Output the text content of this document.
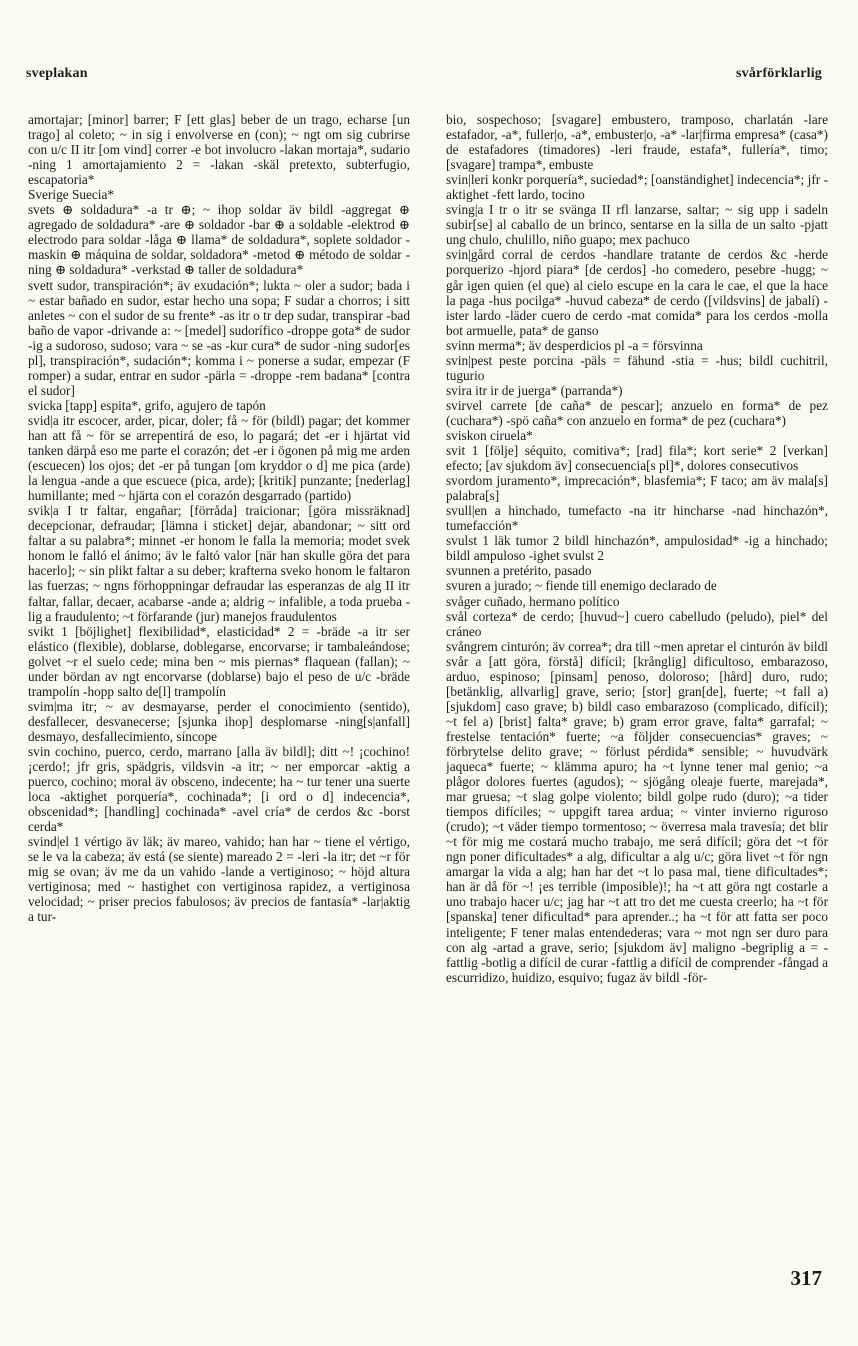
sveplakan	svårförklarlig

amortajar; [minor] barrer; F [ett glas] beber de un trago, echarse [un trago] al coleto; ~ in sig i envolverse en (con); ~ ngt om sig cubrirse con u/c II itr [om vind] correr -e bot involucro -lakan mortaja*, sudario -ning 1 amortajamiento 2 = -lakan -skäl pretexto, subterfugio, escapatoria*

Sverige Suecia*

svets ⊕ soldadura* -a tr ⊕; ~ ihop soldar äv bildl -aggregat ⊕ agregado de soldadura* -are ⊕ soldador -bar ⊕ a soldable -elektrod ⊕ electrodo para soldar -låga ⊕ llama* de soldadura*, soplete soldador -maskin ⊕ máquina de soldar, soldadora* -metod ⊕ método de soldar -ning ⊕ soldadura* -verkstad ⊕ taller de soldadura*

svett sudor, transpiración*; äv exudación*; lukta ~ oler a sudor; bada i ~ estar bañado en sudor, estar hecho una sopa; F sudar a chorros; i sitt anletes ~ con el sudor de su frente* -as itr o tr dep sudar, transpirar -bad baño de vapor -drivande a: ~ [medel] sudorífico -droppe gota* de sudor -ig a sudoroso, sudoso; vara ~ se -as -kur cura* de sudor -ning sudor[es pl], transpiración*, sudación*; komma i ~ ponerse a sudar, empezar (F romper) a sudar, entrar en sudor -pärla = -droppe -rem badana* [contra el sudor]

svicka [tapp] espita*, grifo, agujero de tapón

svid|a itr escocer, arder, picar, doler; få ~ för (bildl) pagar; det kommer han att få ~ för se arrepentirá de eso, lo pagará; det -er i hjärtat vid tanken därpå eso me parte el corazón; det -er i ögonen på mig me arden (escuecen) los ojos; det -er på tungan [om kryddor o d] me pica (arde) la lengua -ande a que escuece (pica, arde); [kritik] punzante; [nederlag] humillante; med ~ hjärta con el corazón desgarrado (partido)

svik|a I tr faltar, engañar; [förråda] traicionar; [göra missräknad] decepcionar, defraudar; [lämna i sticket] dejar, abandonar; ~ sitt ord faltar a su palabra*; minnet -er honom le falla la memoria; modet svek honom le falló el ánimo; äv le faltó valor [när han skulle göra det para hacerlo]; ~ sin plikt faltar a su deber; krafterna sveko honom le faltaron las fuerzas; ~ ngns förhoppningar defraudar las esperanzas de alg II itr faltar, fallar, decaer, acabarse -ande a; aldrig ~ infalible, a toda prueba -lig a fraudulento; ~t förfarande (jur) manejos fraudulentos

svikt 1 [böjlighet] flexibilidad*, elasticidad* 2 = -bräde -a itr ser elástico (flexible), doblarse, doblegarse, encorvarse; ir tambaleándose; golvet ~r el suelo cede; mina ben ~ mis piernas* flaquean (fallan); ~ under bördan av ngt encorvarse (doblarse) bajo el peso de u/c -bräde trampolín -hopp salto de[l] trampolín

svim|ma itr; ~ av desmayarse, perder el conocimiento (sentido), desfallecer, desvanecerse; [sjunka ihop] desplomarse -ning[s|anfall] desmayo, desfallecimiento, síncope

svin cochino, puerco, cerdo, marrano [alla äv bildl]; ditt ~! ¡cochino! ¡cerdo!; jfr gris, spädgris, vildsvin -a itr; ~ ner emporcar -aktig a puerco, cochino; moral äv obsceno, indecente; ha ~ tur tener una suerte loca -aktighet porquería*, cochinada*; [i ord o d] indecencia*, obscenidad*; [handling] cochinada* -avel cría* de cerdos &c -borst cerda*

svind|el 1 vértigo äv läk; äv mareo, vahido; han har ~ tiene el vértigo, se le va la cabeza; äv está (se siente) mareado 2 = -leri -la itr; det ~r för mig se ovan; äv me da un vahido -lande a vertiginoso; ~ höjd altura vertiginosa; med ~ hastighet con vertiginosa rapidez, a vertiginosa velocidad; ~ priser precios fabulosos; äv precios de fantasía* -lar|aktig a tur-

bio, sospechoso; [svagare] embustero, tramposo, charlatán -lare estafador, -a*, fuller|o, -a*, embuster|o, -a* -lar|firma empresa* (casa*) de estafadores (timadores) -leri fraude, estafa*, fullería*, timo; [svagare] trampa*, embuste

svin|leri konkr porquería*, suciedad*; [oanständighet] indecencia*; jfr -aktighet -fett lardo, tocino

sving|a I tr o itr se svänga II rfl lanzarse, saltar; ~ sig upp i sadeln subir[se] al caballo de un brinco, sentarse en la silla de un salto -pjatt ung chulo, chulillo, niño guapo; mex pachuco

svin|gård corral de cerdos -handlare tratante de cerdos &c -herde porquerizo -hjord piara* [de cerdos] -ho comedero, pesebre -hugg; ~ går igen quien (el que) al cielo escupe en la cara le cae, el que la hace la paga -hus pocilga* -huvud cabeza* de cerdo ([vildsvins] de jabalí) -ister lardo -läder cuero de cerdo -mat comida* para los cerdos -molla bot armuelle, pata* de ganso

svinn merma*; äv desperdicios pl -a = försvinna

svin|pest peste porcina -päls = fähund -stia = -hus; bildl cuchitril, tugurio

svira itr ir de juerga* (parranda*)

svirvel carrete [de caña* de pescar]; anzuelo en forma* de pez (cuchara*) -spö caña* con anzuelo en forma* de pez (cuchara*)

sviskon ciruela*

svit 1 [följe] séquito, comitiva*; [rad] fila*; kort serie* 2 [verkan] efecto; [av sjukdom äv] consecuencia[s pl]*, dolores consecutivos

svordom juramento*, imprecación*, blasfemia*; F taco; am äv mala[s] palabra[s]

svull|en a hinchado, tumefacto -na itr hincharse -nad hinchazón*, tumefacción*

svulst 1 läk tumor 2 bildl hinchazón*, ampulosidad* -ig a hinchado; bildl ampuloso -ighet svulst 2

svunnen a pretérito, pasado

svuren a jurado; ~ fiende till enemigo declarado de

svåger cuñado, hermano político

svål corteza* de cerdo; [huvud~] cuero cabelludo (peludo), piel* del cráneo

svångrem cinturón; äv correa*; dra till ~men apretar el cinturón äv bildl

svår a [att göra, förstå] difícil; [krånglig] dificultoso, embarazoso, arduo, espinoso; [pinsam] penoso, doloroso; [hård] duro, rudo; [betänklig, allvarlig] grave, serio; [stor] gran[de], fuerte; ~t fall a) [sjukdom] caso grave; b) bildl caso embarazoso (complicado, difícil); ~t fel a) [brist] falta* grave; b) gram error grave, falta* garrafal; ~ frestelse tentación* fuerte; ~a följder consecuencias* graves; ~ förbrytelse delito grave; ~ förlust pérdida* sensible; ~ huvudvärk jaqueca* fuerte; ~ klämma apuro; ha ~t lynne tener mal genio; ~a plågor dolores fuertes (agudos); ~ sjögång oleaje fuerte, marejada*, mar gruesa; ~t slag golpe violento; bildl golpe rudo (duro); ~a tider tiempos difíciles; ~ uppgift tarea ardua; ~ vinter invierno riguroso (crudo); ~t väder tiempo tormentoso; ~ överresa mala travesía; det blir ~t för mig me costará mucho trabajo, me será difícil; göra det ~t för ngn poner dificultades* a alg, dificultar a alg u/c; göra livet ~t för ngn amargar la vida a alg; han har det ~t lo pasa mal, tiene dificultades*; han är då för ~! ¡es terrible (imposible)!; ha ~t att göra ngt costarle a uno trabajo hacer u/c; jag har ~t att tro det me cuesta creerlo; ha ~t för [spanska] tener dificultad* para aprender..; ha ~t för att fatta ser poco inteligente; F tener malas entendederas; vara ~ mot ngn ser duro para con alg -artad a grave, serio; [sjukdom äv] maligno -begriplig a = -fattlig -botlig a difícil de curar -fattlig a difícil de comprender -fångad a escurridizo, huidizo, esquivo; fugaz äv bildl -för-

317
